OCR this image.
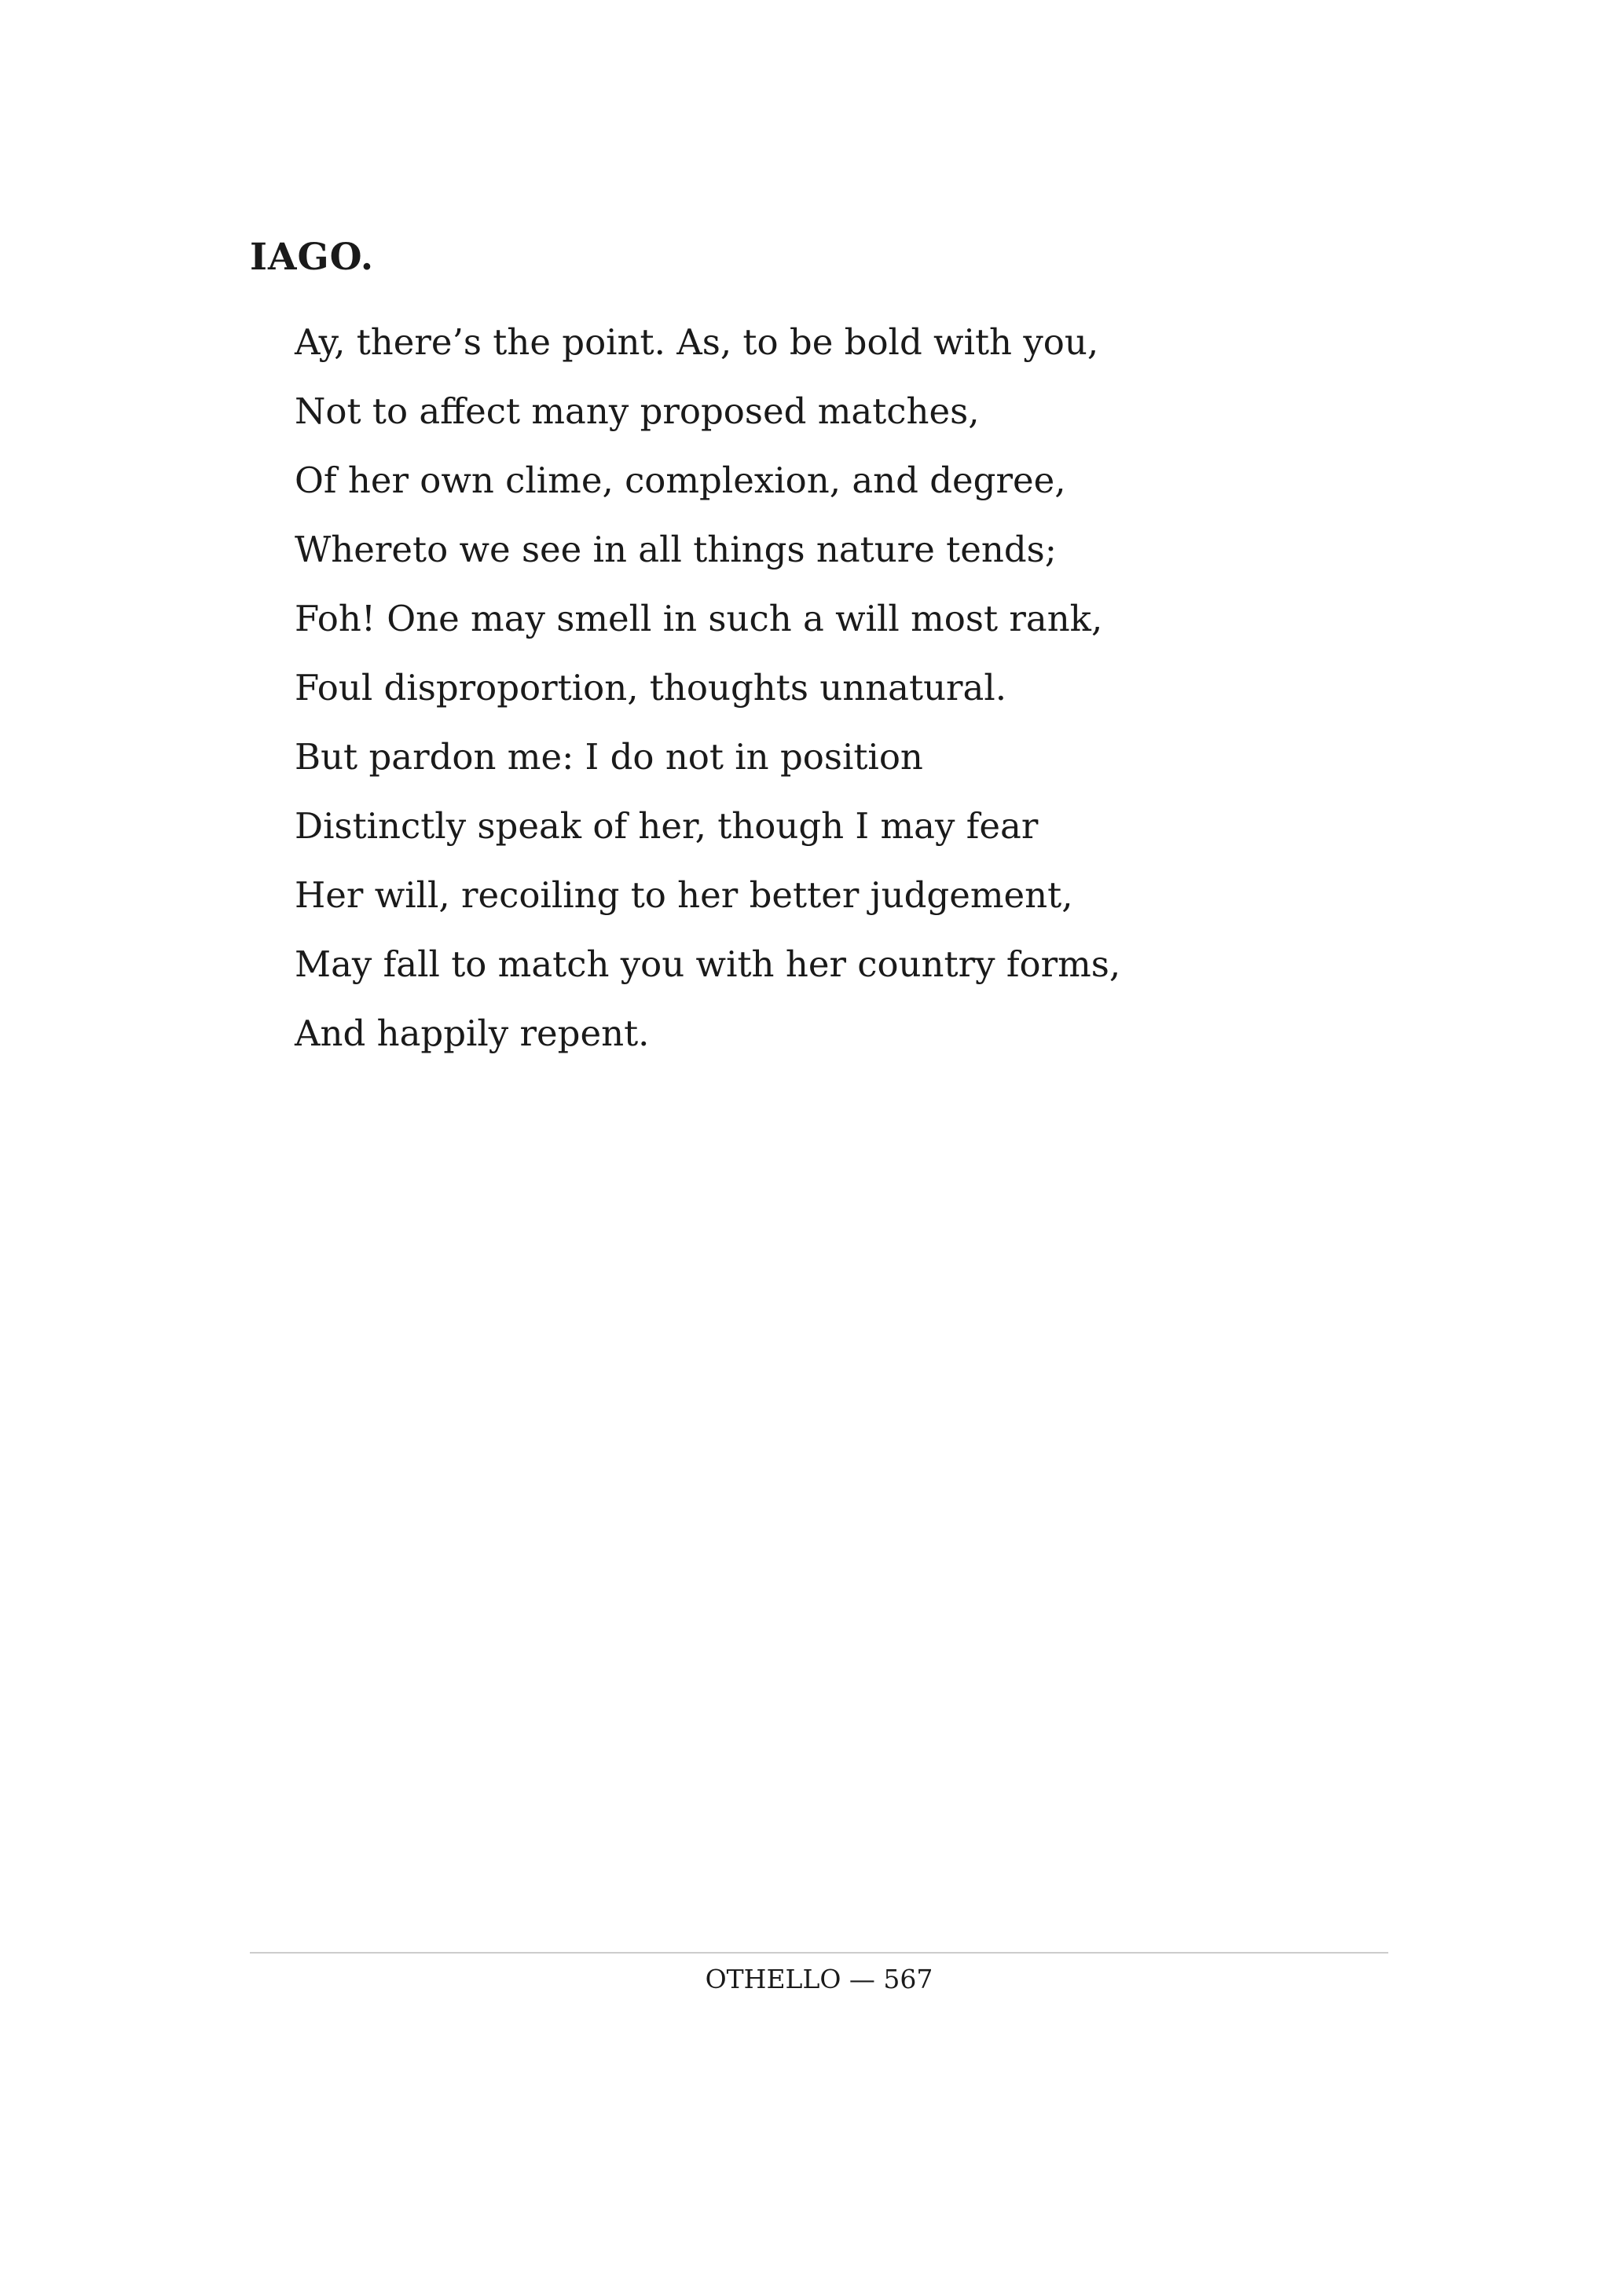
IAGO.
Ay, there’s the point. As, to be bold with you,
Not to affect many proposed matches,
Of her own clime, complexion, and degree,
Whereto we see in all things nature tends;
Foh! One may smell in such a will most rank,
Foul disproportion, thoughts unnatural.
But pardon me: I do not in position
Distinctly speak of her, though I may fear
Her will, recoiling to her better judgement,
May fall to match you with her country forms,
And happily repent.
OTHELLO — 567
